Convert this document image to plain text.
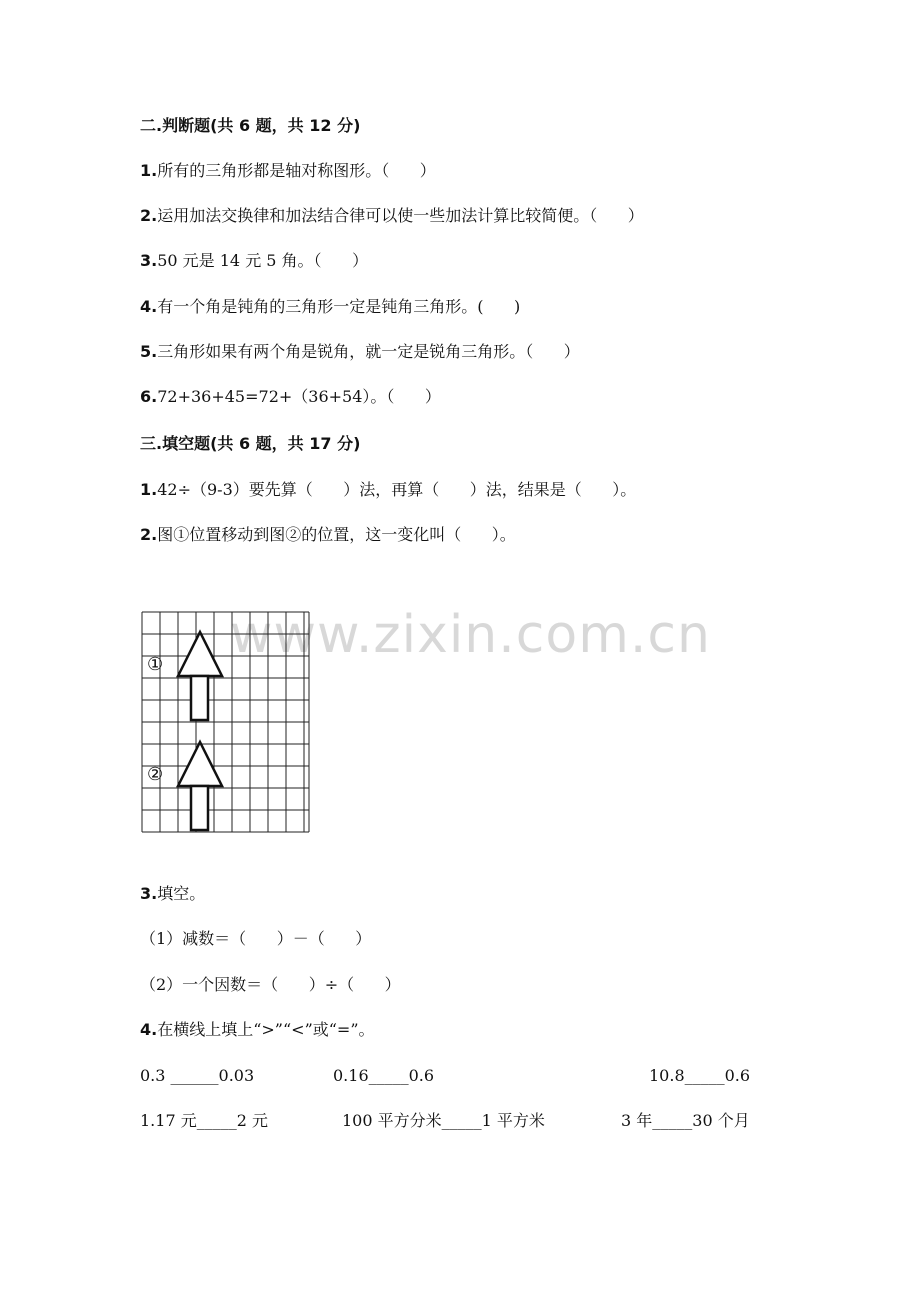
二.判断题(共 6 题，共 12 分)
1.所有的三角形都是轴对称图形。（      ）
2.运用加法交换律和加法结合律可以使一些加法计算比较简便。（      ）
3.50 元是 14 元 5 角。（      ）
4.有一个角是钝角的三角形一定是钝角三角形。(      )
5.三角形如果有两个角是锐角，就一定是锐角三角形。（      ）
6.72+36+45=72+（36+54）。（      ）
三.填空题(共 6 题，共 17 分)
1.42÷（9-3）要先算（      ）法，再算（      ）法，结果是（      ）。
2.图①位置移动到图②的位置，这一变化叫（      ）。
www.zixin.com.cn
①
②
3.填空。
（1）减数＝（      ）－（      ）
（2）一个因数＝（      ）÷（      ）
4.在横线上填上“>”“<”或“=”。
0.3 ______0.03	0.16_____0.6	10.8_____0.6
1.17 元_____2 元	100 平方分米_____1 平方米	3 年_____30 个月
